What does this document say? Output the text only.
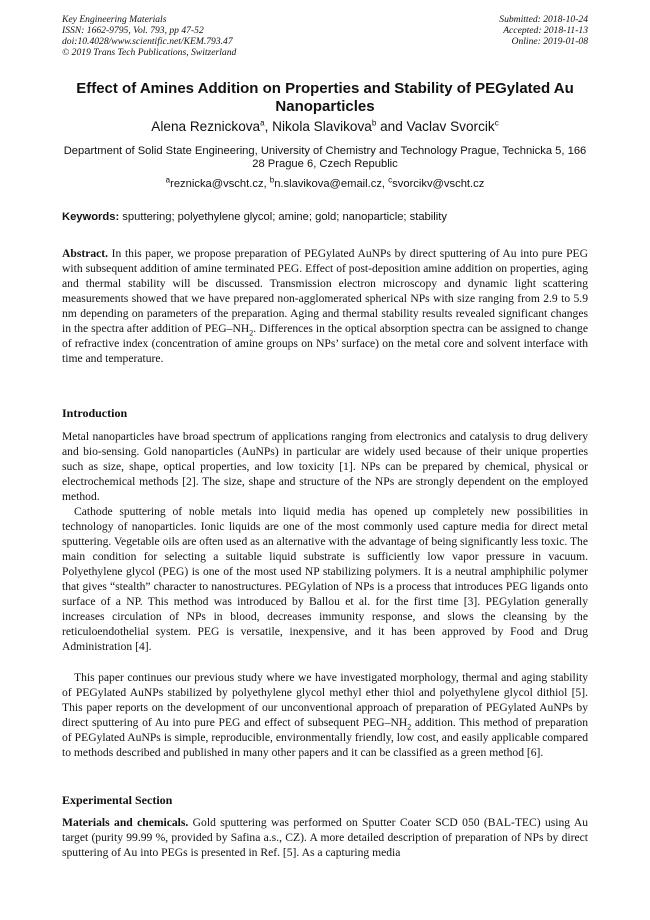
Key Engineering Materials
ISSN: 1662-9795, Vol. 793, pp 47-52
doi:10.4028/www.scientific.net/KEM.793.47
© 2019 Trans Tech Publications, Switzerland
Submitted: 2018-10-24
Accepted: 2018-11-13
Online: 2019-01-08
Effect of Amines Addition on Properties and Stability of PEGylated Au Nanoparticles
Alena Reznickova$^a$, Nikola Slavikova$^b$ and Vaclav Svorcik$^c$
Department of Solid State Engineering, University of Chemistry and Technology Prague, Technicka 5, 166 28 Prague 6, Czech Republic
$^a$reznicka@vscht.cz, $^b$n.slavikova@email.cz, $^c$svorcikv@vscht.cz
Keywords: sputtering; polyethylene glycol; amine; gold; nanoparticle; stability
Abstract. In this paper, we propose preparation of PEGylated AuNPs by direct sputtering of Au into pure PEG with subsequent addition of amine terminated PEG. Effect of post-deposition amine addition on properties, aging and thermal stability will be discussed. Transmission electron microscopy and dynamic light scattering measurements showed that we have prepared non-agglomerated spherical NPs with size ranging from 2.9 to 5.9 nm depending on parameters of the preparation. Aging and thermal stability results revealed significant changes in the spectra after addition of PEG–$NH_2$. Differences in the optical absorption spectra can be assigned to change of refractive index (concentration of amine groups on NPs’ surface) on the metal core and solvent interface with time and temperature.
Introduction
Metal nanoparticles have broad spectrum of applications ranging from electronics and catalysis to drug delivery and bio-sensing. Gold nanoparticles (AuNPs) in particular are widely used because of their unique properties such as size, shape, optical properties, and low toxicity [1]. NPs can be prepared by chemical, physical or electrochemical methods [2]. The size, shape and structure of the NPs are strongly dependent on the employed method.
Cathode sputtering of noble metals into liquid media has opened up completely new possibilities in technology of nanoparticles. Ionic liquids are one of the most commonly used capture media for direct metal sputtering. Vegetable oils are often used as an alternative with the advantage of being significantly less toxic. The main condition for selecting a suitable liquid substrate is sufficiently low vapor pressure in vacuum. Polyethylene glycol (PEG) is one of the most used NP stabilizing polymers. It is a neutral amphiphilic polymer that gives “stealth” character to nanostructures. PEGylation of NPs is a process that introduces PEG ligands onto surface of a NP. This method was introduced by Ballou et al. for the first time [3]. PEGylation generally increases circulation of NPs in blood, decreases immunity response, and slows the cleansing by the reticuloendothelial system. PEG is versatile, inexpensive, and it has been approved by Food and Drug Administration [4].
This paper continues our previous study where we have investigated morphology, thermal and aging stability of PEGylated AuNPs stabilized by polyethylene glycol methyl ether thiol and polyethylene glycol dithiol [5]. This paper reports on the development of our unconventional approach of preparation of PEGylated AuNPs by direct sputtering of Au into pure PEG and effect of subsequent PEG–$NH_2$ addition. This method of preparation of PEGylated AuNPs is simple, reproducible, environmentally friendly, low cost, and easily applicable compared to methods described and published in many other papers and it can be classified as a green method [6].
Experimental Section
Materials and chemicals. Gold sputtering was performed on Sputter Coater SCD 050 (BAL-TEC) using Au target (purity 99.99 %, provided by Safina a.s., CZ). A more detailed description of preparation of NPs by direct sputtering of Au into PEGs is presented in Ref. [5]. As a capturing media
